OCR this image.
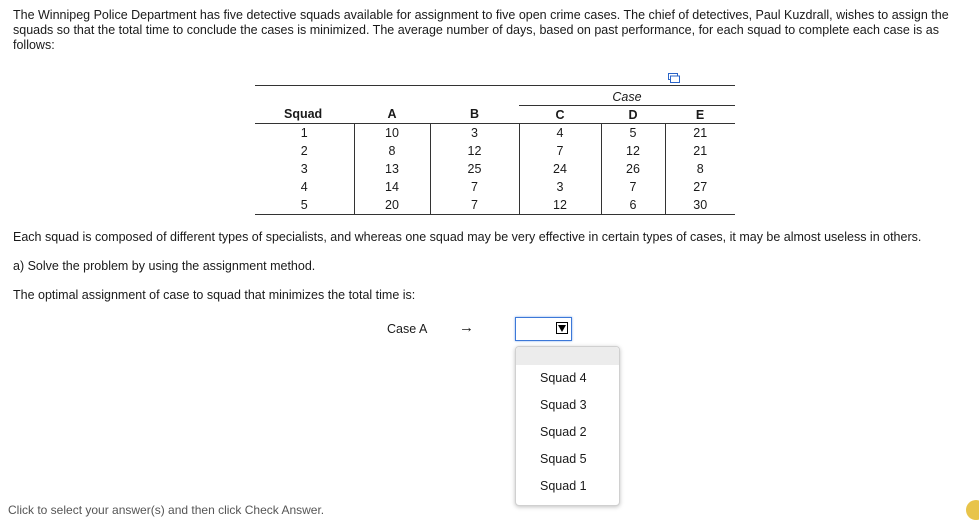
The Winnipeg Police Department has five detective squads available for assignment to five open crime cases. The chief of detectives, Paul Kuzdrall, wishes to assign the squads so that the total time to conclude the cases is minimized. The average number of days, based on past performance, for each squad to complete each case is as follows:

			Case		
Squad	A	B	C	D	E
1	10	3	4	5	21
2	8	12	7	12	21
3	13	25	24	26	8
4	14	7	3	7	27
5	20	7	12	6	30

Each squad is composed of different types of specialists, and whereas one squad may be very effective in certain types of cases, it may be almost useless in others.

a) Solve the problem by using the assignment method.

The optimal assignment of case to squad that minimizes the total time is:

Case A →
Squad 4
Squad 3
Squad 2
Squad 5
Squad 1
Click to select your answer(s) and then click Check Answer.
